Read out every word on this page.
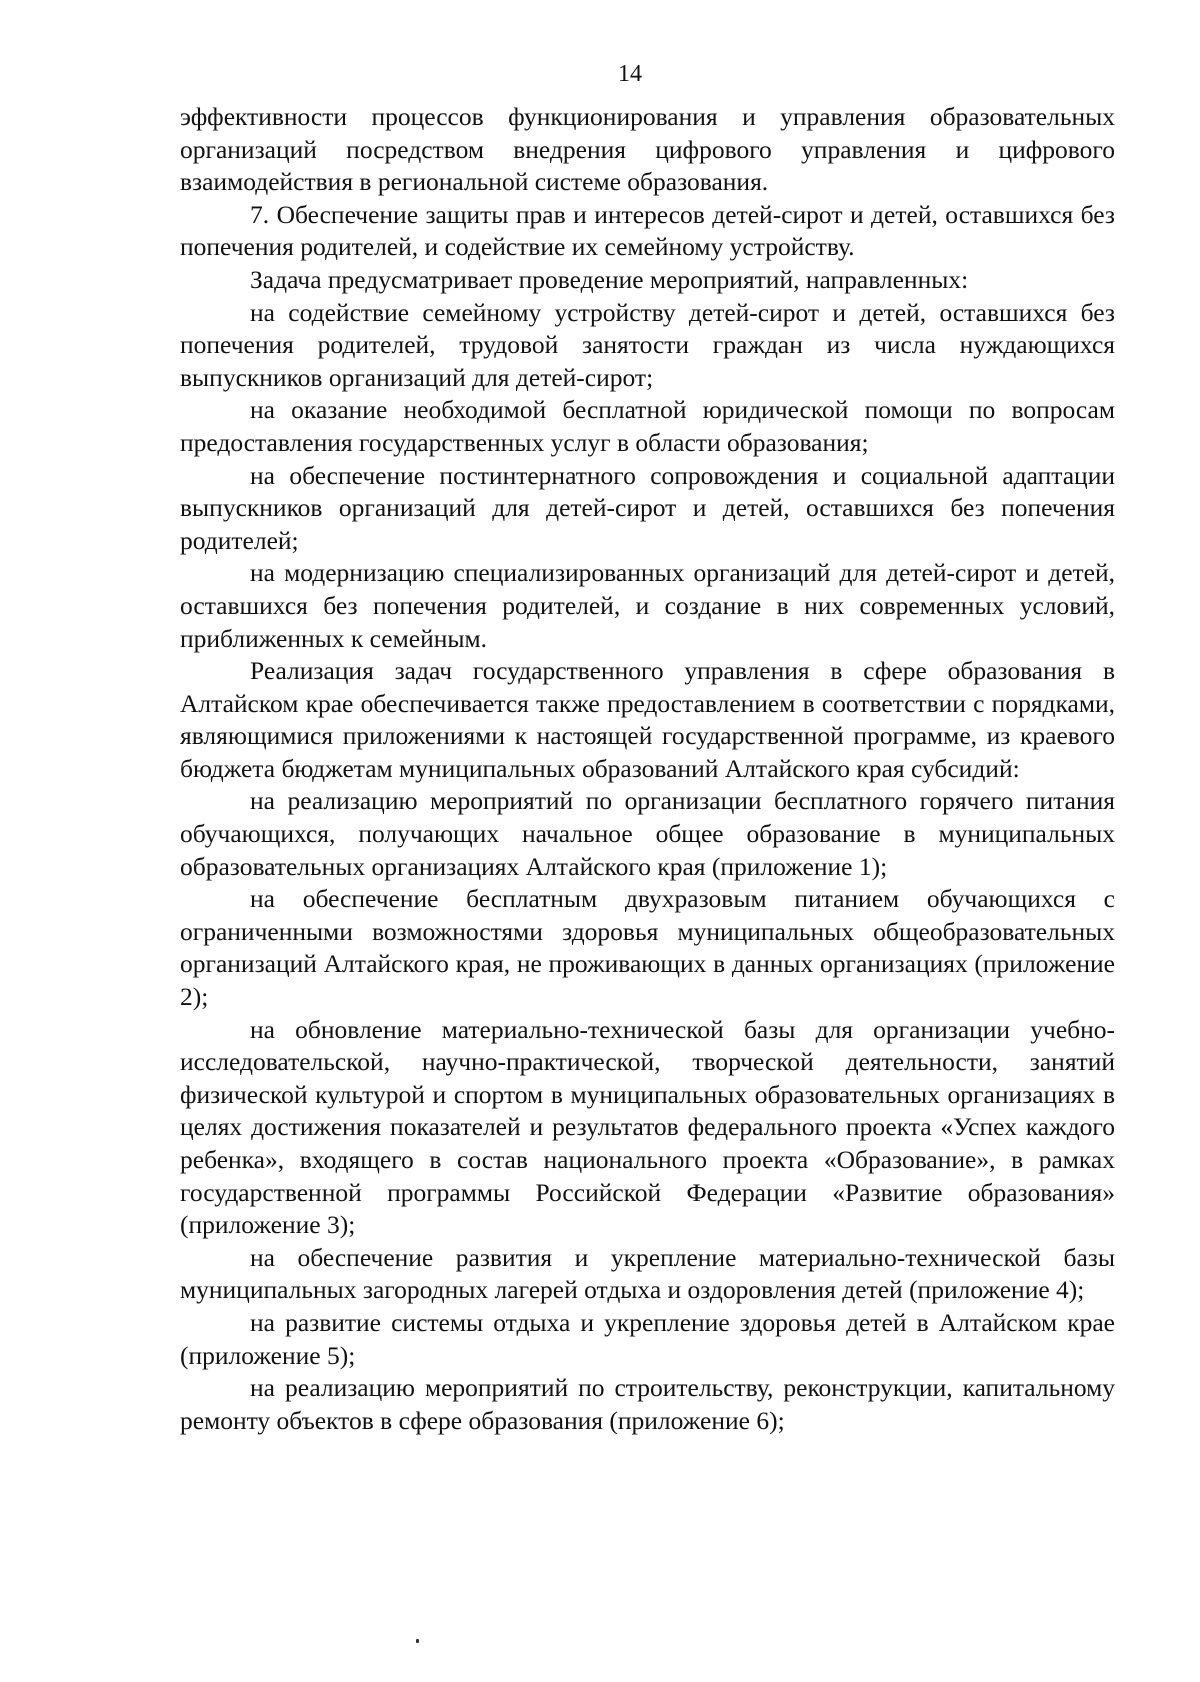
14

эффективности процессов функционирования и управления образовательных организаций посредством внедрения цифрового управления и цифрового взаимодействия в региональной системе образования.

7. Обеспечение защиты прав и интересов детей-сирот и детей, оставшихся без попечения родителей, и содействие их семейному устройству.

Задача предусматривает проведение мероприятий, направленных:

на содействие семейному устройству детей-сирот и детей, оставшихся без попечения родителей, трудовой занятости граждан из числа нуждающихся выпускников организаций для детей-сирот;

на оказание необходимой бесплатной юридической помощи по вопросам предоставления государственных услуг в области образования;

на обеспечение постинтернатного сопровождения и социальной адаптации выпускников организаций для детей-сирот и детей, оставшихся без попечения родителей;

на модернизацию специализированных организаций для детей-сирот и детей, оставшихся без попечения родителей, и создание в них современных условий, приближенных к семейным.

Реализация задач государственного управления в сфере образования в Алтайском крае обеспечивается также предоставлением в соответствии с порядками, являющимися приложениями к настоящей государственной программе, из краевого бюджета бюджетам муниципальных образований Алтайского края субсидий:

на реализацию мероприятий по организации бесплатного горячего питания обучающихся, получающих начальное общее образование в муниципальных образовательных организациях Алтайского края (приложение 1);

на обеспечение бесплатным двухразовым питанием обучающихся с ограниченными возможностями здоровья муниципальных общеобразовательных организаций Алтайского края, не проживающих в данных организациях (приложение 2);

на обновление материально-технической базы для организации учебно-исследовательской, научно-практической, творческой деятельности, занятий физической культурой и спортом в муниципальных образовательных организациях в целях достижения показателей и результатов федерального проекта «Успех каждого ребенка», входящего в состав национального проекта «Образование», в рамках государственной программы Российской Федерации «Развитие образования» (приложение 3);

на обеспечение развития и укрепление материально-технической базы муниципальных загородных лагерей отдыха и оздоровления детей (приложение 4);

на развитие системы отдыха и укрепление здоровья детей в Алтайском крае (приложение 5);

на реализацию мероприятий по строительству, реконструкции, капитальному ремонту объектов в сфере образования (приложение 6);
